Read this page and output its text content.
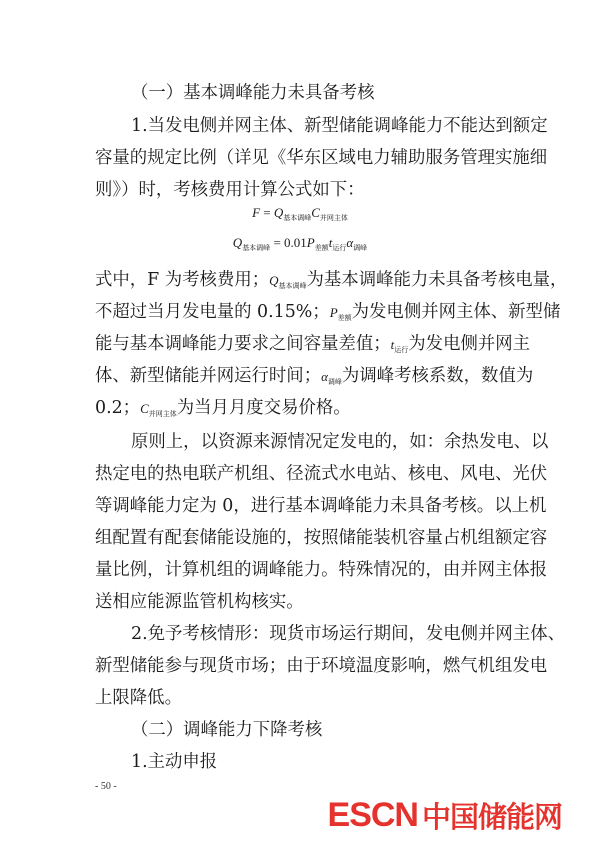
（一）基本调峰能力未具备考核
1.当发电侧并网主体、新型储能调峰能力不能达到额定
容量的规定比例（详见《华东区域电力辅助服务管理实施细
则》）时，考核费用计算公式如下：
$F = Q_{基本调峰}C_{并网主体}$
$Q_{基本调峰} = 0.01P_{差额}t_{运行}\alpha_{调峰}$
式中，F 为考核费用；$Q_{基本调峰}$为基本调峰能力未具备考核电量，
不超过当月发电量的 0.15%；$P_{差额}$为发电侧并网主体、新型储
能与基本调峰能力要求之间容量差值；$t_{运行}$为发电侧并网主
体、新型储能并网运行时间；$\alpha_{调峰}$为调峰考核系数，数值为
0.2；$C_{并网主体}$为当月月度交易价格。
原则上，以资源来源情况定发电的，如：余热发电、以
热定电的热电联产机组、径流式水电站、核电、风电、光伏
等调峰能力定为 0，进行基本调峰能力未具备考核。以上机
组配置有配套储能设施的，按照储能装机容量占机组额定容
量比例，计算机组的调峰能力。特殊情况的，由并网主体报
送相应能源监管机构核实。
2.免予考核情形：现货市场运行期间，发电侧并网主体、
新型储能参与现货市场；由于环境温度影响，燃气机组发电
上限降低。
（二）调峰能力下降考核
1.主动申报
- 50 -
ESCN 中国储能网
